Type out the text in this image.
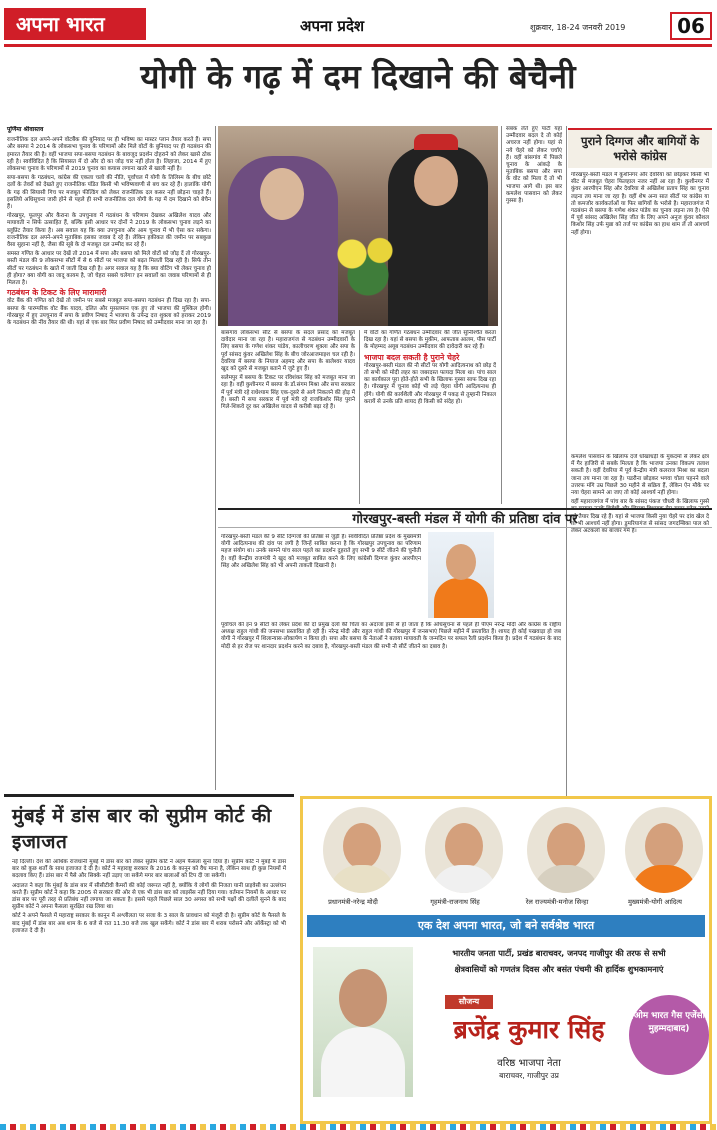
अपना भारत	अपना प्रदेश	शुक्रवार, 18-24 जनवरी 2019	06
योगी के गढ़ में दम दिखाने की बेचैनी
पूर्णिमा श्रीवास्तव

राजनीतिक दल अपने-अपने वोटबैंक की बुनियाद पर ही भविष्य का मास्टर प्लान तैयार करते हैं। सपा और बसपा ने 2014 के लोकसभा चुनाव के परिणामों और मिले वोटों के बुनियाद पर ही गठबंधन की इमारत तैयार की है। वहीं भाजपा सपा-बसपा गठबंधन के बावजूद प्रदर्शन दोहराने को लेकर खासे ठोक रही है। स्वर्वविदित है कि सियासत में दो और दो का जोड़ चार नहीं होता है। लिहाजा, 2014 में हुए लोकसभा चुनाव के परिणामों से 2019 चुनाव का कयास लगाना खतरे से खाली नहीं है।

सपा-बसपा के गठबंधन, कांग्रेस की एकला चलो की नीति, पूर्वांचल में योगी के तिलिस्म के बीच छोटे दलों के तेवरों को देखते हुए राजनीतिक पंडित किसी भी भविष्यवाणी से बच कर रहे हैं। हालांकि योगी के गढ़ की सियासी गिच पर मजबूत फील्डिंग को लेकर राजनीतिक दल कसर नहीं छोड़ना चाहते हैं। इसलिये अधिसूचना जारी होने से पहले ही सभी राजनीतिक दल योगी के गढ़ में दम दिखाने को बेचैन हैं।

गोरखपुर, फूलपुर और कैराना के उपचुनाव में गठबंधन के परिणाम देखकर अखिलेश यादव और मायावती न सिर्फ उत्साहित हैं, बल्कि इसी आधार पर दोनों ने 2019 के लोकसभा चुनाव लड़ने का ब्लूप्रिंट तैयार किया है। अब सवाल यह कि क्या उपचुनाव और आम चुनाव में भी ऐसा कर सकेगा। राजनीतिक दल अपने-अपने मुताबिक इसका जवाब दे रहे हैं। लेकिन हकीकत की जमीन पर सबकुछ वैसा सुहाना नहीं है, जैसा की सूबे के दो मजबूत दल उम्मीद कर रहे हैं।

समस्त गणित के आधार पर देखें तो 2014 में सपा और बसपा को मिले वोटों को जोड़ दें तो गोरखपुर-बस्ती मंडल की 9 लोकसभा सीटों में से 6 सीटों पर भाजपा को बढ़त मिलती दिख रही है। सिर्फ तीन सीटों पर गठबंधन के खाते में जाती दिख रही है। अगर सवाल यह है कि क्या वोटिंग भी लेकर चुनाव हो ही होगा? क्या योगी का जादू कायम है, जो चेहरा सबसे चलेगा? इन सवालों का जवाब परिणामों से ही मिलता है।

गठबंधन के टिकट के लिए मारामारी

वोट बैंक की गणित को देखें तो जमीन पर सबसे मजबूत सपा-बसपा गठबंधन ही दिख रहा है। सपा-बसपा के पारम्परिक वोट बैंक यादव, दलित और मुसलमान एक हुए तो भाजपा की मुश्किल होगी। गोरखपुर में हुए उपचुनाव में सपा के प्रवीण निषाद ने भाजपा के उपेन्द्र दत्त शुक्ला को हराकर 2019 के गठबंधन की नींव तैयार की थी। यहां से एक बार फिर प्रवीण निषाद को उम्मीदवार माना जा रहा है।

बांसगांव लोकसभा सीट से बसपा के सदल प्रसाद को मजबूत दावेदार माना जा रहा है। महाराजगंज से गठबंधन उम्मीदवारों के लिए बसपा के गणेश शंकर पांडेय, कालीचरण शुक्ला और सपा के पूर्व सांसद कुंवर अखिलेश सिंह के बीच जोरआजमाइश चल रही है। देवरिया में बसपा के नियाज अहमद और सपा के बालेश्वर यादव खुद को दूसरे से मजबूत बताने में जुटे हुए हैं।

सलेमपुर में बसपा के टिकट पर रविशंकर सिंह को मजबूत माना जा रहा है। वहीं कुशीनगर में बसपा के डॉ.संगम मिश्रा और सपा सरकार में पूर्व मंत्री रहे राधेश्याम सिंह एक-दूसरे से आगे निकलने की होड़ में हैं। बस्ती में सपा सरकार में पूर्व मंत्री रहे राजकिशोर सिंह पुराने गिले-शिकवे दूर कर अखिलेश यादव से करीबी बढ़ा रहे हैं।

में वोटों का गणित गठबंधन उम्मीदवार की जीत सुनिश्चित करता दिख रहा है। यहां से बसपा के मुकीम, आफताब आलम, पीस पार्टी के मोहम्मद अयूब गठबंधन उम्मीदवार की दावेदारी कर रहे हैं।

भाजपा बदल सकती है पुराने चेहरे

गोरखपुर-बस्ती मंडल की नौ सीटों पर योगी आदित्यनाथ को छोड़ दें तो सभी को मोदी लहर का जबरदस्त फायदा मिला था। पांच साल का कार्यकाल पूरा होते-होते सभी के खिलाफ गुस्सा साफ दिख रहा है। गोरखपुर में चुनाव कोई भी लड़े चेहरा योगी आदित्यनाथ ही होंगे। योगी की कार्यशैली और गोरखपुर में पकड़ से तुम्हानी निकाल करायें से उनके प्रति शायद ही किसी को संदेह हो।

सबक लेते हुए पार्टी यहां उम्मीदवार बदल दे तो कोई अचरज नहीं होगा। यहां से नये चेहरे को लेकर चर्चाएं हैं। वहीं बांसगांव में पिछले चुनाव के आंकड़े के मुताबिक बसपा और सपा के वोट को मिला दें तो भी भाजपा आगे थी। इस बार कमलेश पासवान को लेकर गुस्सा है।

पुराने दिग्गज और बागियों के भरोसे कांग्रेस

गोरखपुर-बस्ती मंडल में कुशीनगर और देवरिया को छोड़कर किसी भी सीट से मजबूत चेहरा फिलहाल नजर नहीं आ रहा है। कुशीनगर में कुंवर आरपीएन सिंह और देवरिया से अखिलेश प्रताप सिंह का चुनाव लड़ना तय माना जा रहा है। वहीं शेष अन्य सात सीटों पर कांग्रेस या तो कमजोर कार्यकर्ताओं या फिर बागियों के भरोसे है। महाराजगंज में गठबंधन से बसपा के गणेश शंकर पांडेय का चुनाव लड़ना तय है। ऐसे में पूर्व सांसद अखिलेश सिंह जीत के लिए अपने अनुज कुंवर कौशल किशोर सिंह उर्फ मुन्ना को तर्ज पर कांग्रेस का हाथ थाम लें तो आश्चर्य नहीं होगा।

कमलेश पासवान के खिलाफ दर्ज धोखाधड़ी के मुकदमों से लेकर क्षेत्र में गैर हाजिरी से सबके मिलता है कि भाजपा उनका विकल्प तलाश सकती है। वहीं देवरिया में पूर्व केन्द्रीय मंत्री कलराज मिश्रा का बदला जाना तय माना जा रहा है। पडरौना छोड़कर भगवा चोला पहनने वाले उत्तरफ मंगि उम्र पिछले 30 महीने से सक्रिय हैं, लेकिन ऐन मौके पर नया चेहरा सामने आ जाए तो कोई आश्चर्य नहीं होगा।

वहीं महाराजगंज में पांच बार के सांसद पंकज चौधरी के खिलाफ गुस्से का फायदा उनके विरोधी और सिसवा विधायक प्रेम सागर पटेल उठाने को तैयार दिख रहे हैं। यहां से भाजपा किसी नुया चेहरे पर दांव खेल दे तो भी आश्चर्य नहीं होगा। डुमरियागंज से सांसद जगदम्बिका पाल को लेकर अटकलों का बाजार गर्म है।

गोरखपुर-बस्ती मंडल में योगी की प्रतिष्ठा दांव पर

गोरखपुर-बस्ती मंडल की 9 सीटें दिग्गजों की प्रतिष्ठा से जुड़ी हैं। स्वर्वविदित प्रतिष्ठा प्रदेश के मुख्यमंत्री योगी आदित्यनाथ की दांव पर लगी है जिन्हें साबित करना है कि गोरखपुर उपचुनाव का परिणाम महज संयोग था। उनके सामने पांच साल पहले का प्रदर्शन दुहराते हुए सभी 9 सीटें जीतने की चुनौती है। वहीं केन्द्रीय राजमंत्री ने खुद को मजबूत साबित करने के लिए कांग्रेसी दिग्गज कुंवर आरपीएन सिंह और अखिलेश सिंह को भी अपनी ताकती दिखानी है।

पूर्वांचल की इन 9 सीटों को लेकर प्रदेश की दो प्रमुख दलों की चिंता का अंदाजा इसी से हो जाता है कि अधिसूचना से पहले ही पीएम नरेन्द्र मोदी और कांग्रेस के राष्ट्रीय अध्यक्ष राहुल गांधी की जनसभा प्रस्तावित हो रही है। नरेन्द्र मोदी और राहुल गांधी की गोरखपुर में जनसभाएं पिछले महीने में प्रस्तावित हैं। शायद ही कोई पखवाड़ा हो जब योगी ने गोरखपुर में शिलान्यास-लोकार्पण न किया हो। सपा और बसपा के नेताओं ने बताया मायावती के जन्मदिन पर सफल रैली प्रदर्शन किया है। प्रदेश में गठबंधन के बाद मोदी से हर रोज पर शानदार प्रदर्शन करने का दबाव है, गोरखपुर-बस्ती मंडल की सभी नौ सीटें जीतने का दबाव है।

मुंबई में डांस बार को सुप्रीम कोर्ट की इजाजत

नई दिल्ली। देश की आर्थिक राजधानी मुंबई में डांस बार को लेकर सुप्रीम कोर्ट ने अहम फैसला सुना दिया है। सुप्रीम कोर्ट ने मुंबई में डांस बार को कुछ शर्तों के साथ इजाजत दे दी है। कोर्ट ने महाराष्ट्र सरकार के 2016 के कानून को वैध माना है, लेकिन साथ ही कुछ नियमों में बदलाव किए हैं। डांस बार में पैसे और सिक्के नहीं उड़ाए जा सकेंगे मगर बार बालाओं को टिप दी जा सकेगी।

अदालत ने कहा कि मुंबई के डांस बार में सीसीटीवी कैमरों की कोई जरूरत नहीं है, क्योंकि ये लोगों की निजता यानी प्राइवेसी का उल्लंघन करते हैं। सुप्रीम कोर्ट ने कहा कि 2005 से सरकार की ओर से एक भी डांस बार को लाइसेंस नहीं दिया गया। वर्तमान नियमों के आधार पर डांस बार पर पूरी तरह से प्रतिबंध नहीं लगाया जा सकता है। इससे पहले पिछले साल 30 अगस्त को सभी पक्षों की दलीलें सुनने के बाद सुप्रीम कोर्ट ने अपना फैसला सुरक्षित रख लिया था।

कोर्ट ने अपने फैसले में महाराष्ट्र सरकार के कानून में अश्लीलता पर सजा के 3 साल के प्रावधान को मंजूरी दी है। सुप्रीम कोर्ट के फैसले के बाद मुंबई में डांस बार अब शाम के 6 बजे से रात 11.30 बजे तक खुल सकेंगे। कोर्ट ने डांस बार में शराब परोसने और ऑर्केस्ट्रा को भी इजाजत दे दी है।

प्रधानमंत्री-नरेन्द्र मोदी	गृहमंत्री-राजनाथ सिंह	रेल राज्यमंत्री-मनोज सिन्हा	मुख्यमंत्री-योगी आदित्य
एक देश अपना भारत, जो बने सर्वश्रेष्ठ भारत
भारतीय जनता पार्टी, प्रखंड बाराचवर, जनपद गाजीपुर की तरफ से सभी
क्षेत्रवासियों को गणतंत्र दिवस और बसंत पंचमी की हार्दिक शुभकामनाएं
सौजन्य
ब्रजेंद्र कुमार सिंह
वरिष्ठ भाजपा नेता
बाराचवर, गाजीपुर उप्र
(ओम भारत गैस एजेंसी, मुहम्मदाबाद)
